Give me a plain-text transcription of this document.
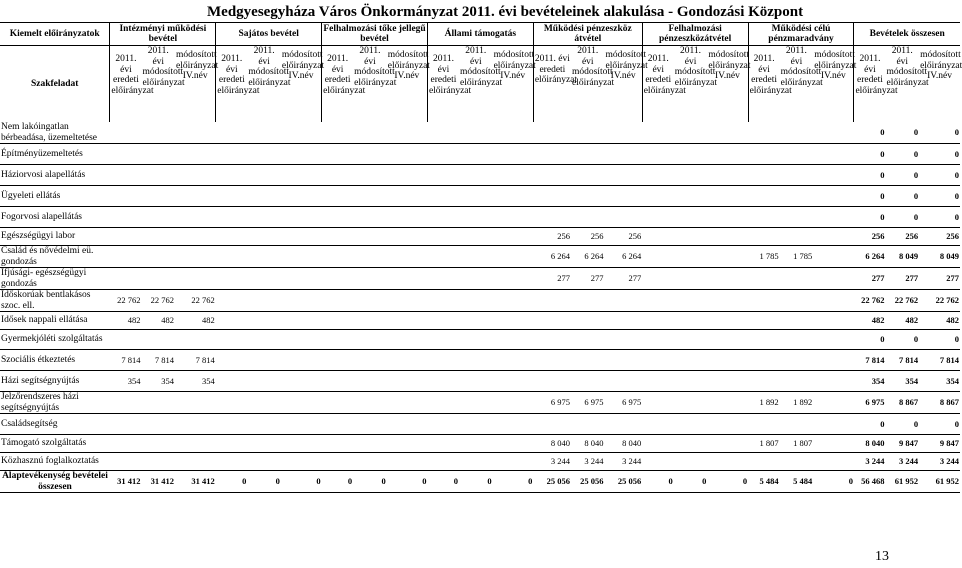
Medgyesegyháza Város Önkormányzat 2011. évi bevételeinek alakulása - Gondozási Központ
Kiemelt előirányzatok	Intézményi működési bevétel			Sajátos bevétel			Felhalmozási tőke jellegű bevétel			Állami támogatás			Működési pénzeszköz átvétel			Felhalmozási pénzeszközátvétel			Működési célú pénzmaradvány			Bevételek összesen		
Szakfeladat	2011. évi eredeti előirányzat	2011. évi módosított előirányzat	módosított előirányzat IV.név	2011. évi eredeti előirányzat	2011. évi módosított előirányzat	módosított előirányzat IV.név	2011. évi eredeti előirányzat	2011. évi módosított előirányzat	módosított előirányzat IV.név	2011. évi eredeti előirányzat	2011. évi módosított előirányzat	módosított előirányzat IV.név	2011. évi eredeti előirányzat	2011. évi módosított előirányzat	módosított előirányzat IV.név	2011. évi eredeti előirányzat	2011. évi módosított előirányzat	módosított előirányzat IV.név	2011. évi eredeti előirányzat	2011. évi módosított előirányzat	módosított előirányzat IV.név	2011. évi eredeti előirányzat	2011. évi módosított előirányzat	módosított előirányzat IV.név
Nem lakóingatlan bérbeadása, üzemeltetése																						0	0	0
Építményüzemeltetés																						0	0	0
Háziorvosi alapellátás																						0	0	0
Ügyeleti ellátás																						0	0	0
Fogorvosi alapellátás																						0	0	0
Egészségügyi labor													256	256	256							256	256	256
Család és nővédelmi eü. gondozás													6 264	6 264	6 264				1 785	1 785		6 264	8 049	8 049
Ifjúsági- egészségügyi gondozás													277	277	277							277	277	277
Időskorúak bentlakásos szoc. ell.	22 762	22 762	22 762																			22 762	22 762	22 762
Idősek nappali ellátása	482	482	482																			482	482	482
Gyermekjóléti szolgáltatás																						0	0	0
Szociális étkeztetés	7 814	7 814	7 814																			7 814	7 814	7 814
Házi segítségnyújtás	354	354	354																			354	354	354
Jelzőrendszeres házi segítségnyújtás													6 975	6 975	6 975				1 892	1 892		6 975	8 867	8 867
Családsegítség																						0	0	0
Támogató szolgáltatás													8 040	8 040	8 040				1 807	1 807		8 040	9 847	9 847
Közhasznú foglalkoztatás													3 244	3 244	3 244							3 244	3 244	3 244
Alaptevékenység bevételei összesen	31 412	31 412	31 412	0	0	0	0	0	0	0	0	0	25 056	25 056	25 056	0	0	0	5 484	5 484	0	56 468	61 952	61 952
13
